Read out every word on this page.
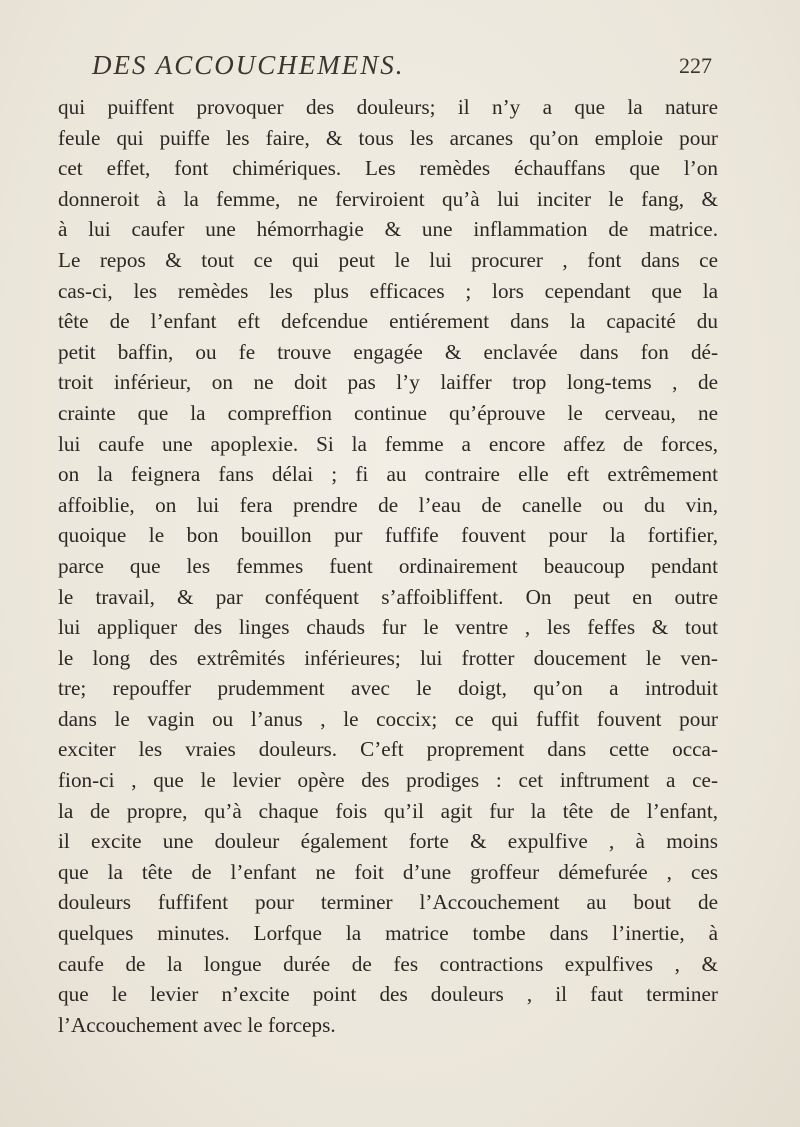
DES ACCOUCHEMENS.	227
qui puiffent provoquer des douleurs; il n’y a que la nature
feule qui puiffe les faire, & tous les arcanes qu’on emploie pour
cet effet, font chimériques. Les remèdes échauffans que l’on
donneroit à la femme, ne ferviroient qu’à lui inciter le fang, &
à lui caufer une hémorrhagie & une inflammation de matrice.
Le repos & tout ce qui peut le lui procurer , font dans ce
cas-ci, les remèdes les plus efficaces ; lors cependant que la
tête de l’enfant eft defcendue entiérement dans la capacité du
petit baffin, ou fe trouve engagée & enclavée dans fon dé-
troit inférieur, on ne doit pas l’y laiffer trop long-tems , de
crainte que la compreffion continue qu’éprouve le cerveau, ne
lui caufe une apoplexie. Si la femme a encore affez de forces,
on la feignera fans délai ; fi au contraire elle eft extrêmement
affoiblie, on lui fera prendre de l’eau de canelle ou du vin,
quoique le bon bouillon pur fuffife fouvent pour la fortifier,
parce que les femmes fuent ordinairement beaucoup pendant
le travail, & par conféquent s’affoibliffent. On peut en outre
lui appliquer des linges chauds fur le ventre , les feffes & tout
le long des extrêmités inférieures; lui frotter doucement le ven-
tre; repouffer prudemment avec le doigt, qu’on a introduit
dans le vagin ou l’anus , le coccix; ce qui fuffit fouvent pour
exciter les vraies douleurs. C’eft proprement dans cette occa-
fion-ci , que le levier opère des prodiges : cet inftrument a ce-
la de propre, qu’à chaque fois qu’il agit fur la tête de l’enfant,
il excite une douleur également forte & expulfive , à moins
que la tête de l’enfant ne foit d’une groffeur démefurée , ces
douleurs fuffifent pour terminer l’Accouchement au bout de
quelques minutes. Lorfque la matrice tombe dans l’inertie, à
caufe de la longue durée de fes contractions expulfives , &
que le levier n’excite point des douleurs , il faut terminer
l’Accouchement avec le forceps.
